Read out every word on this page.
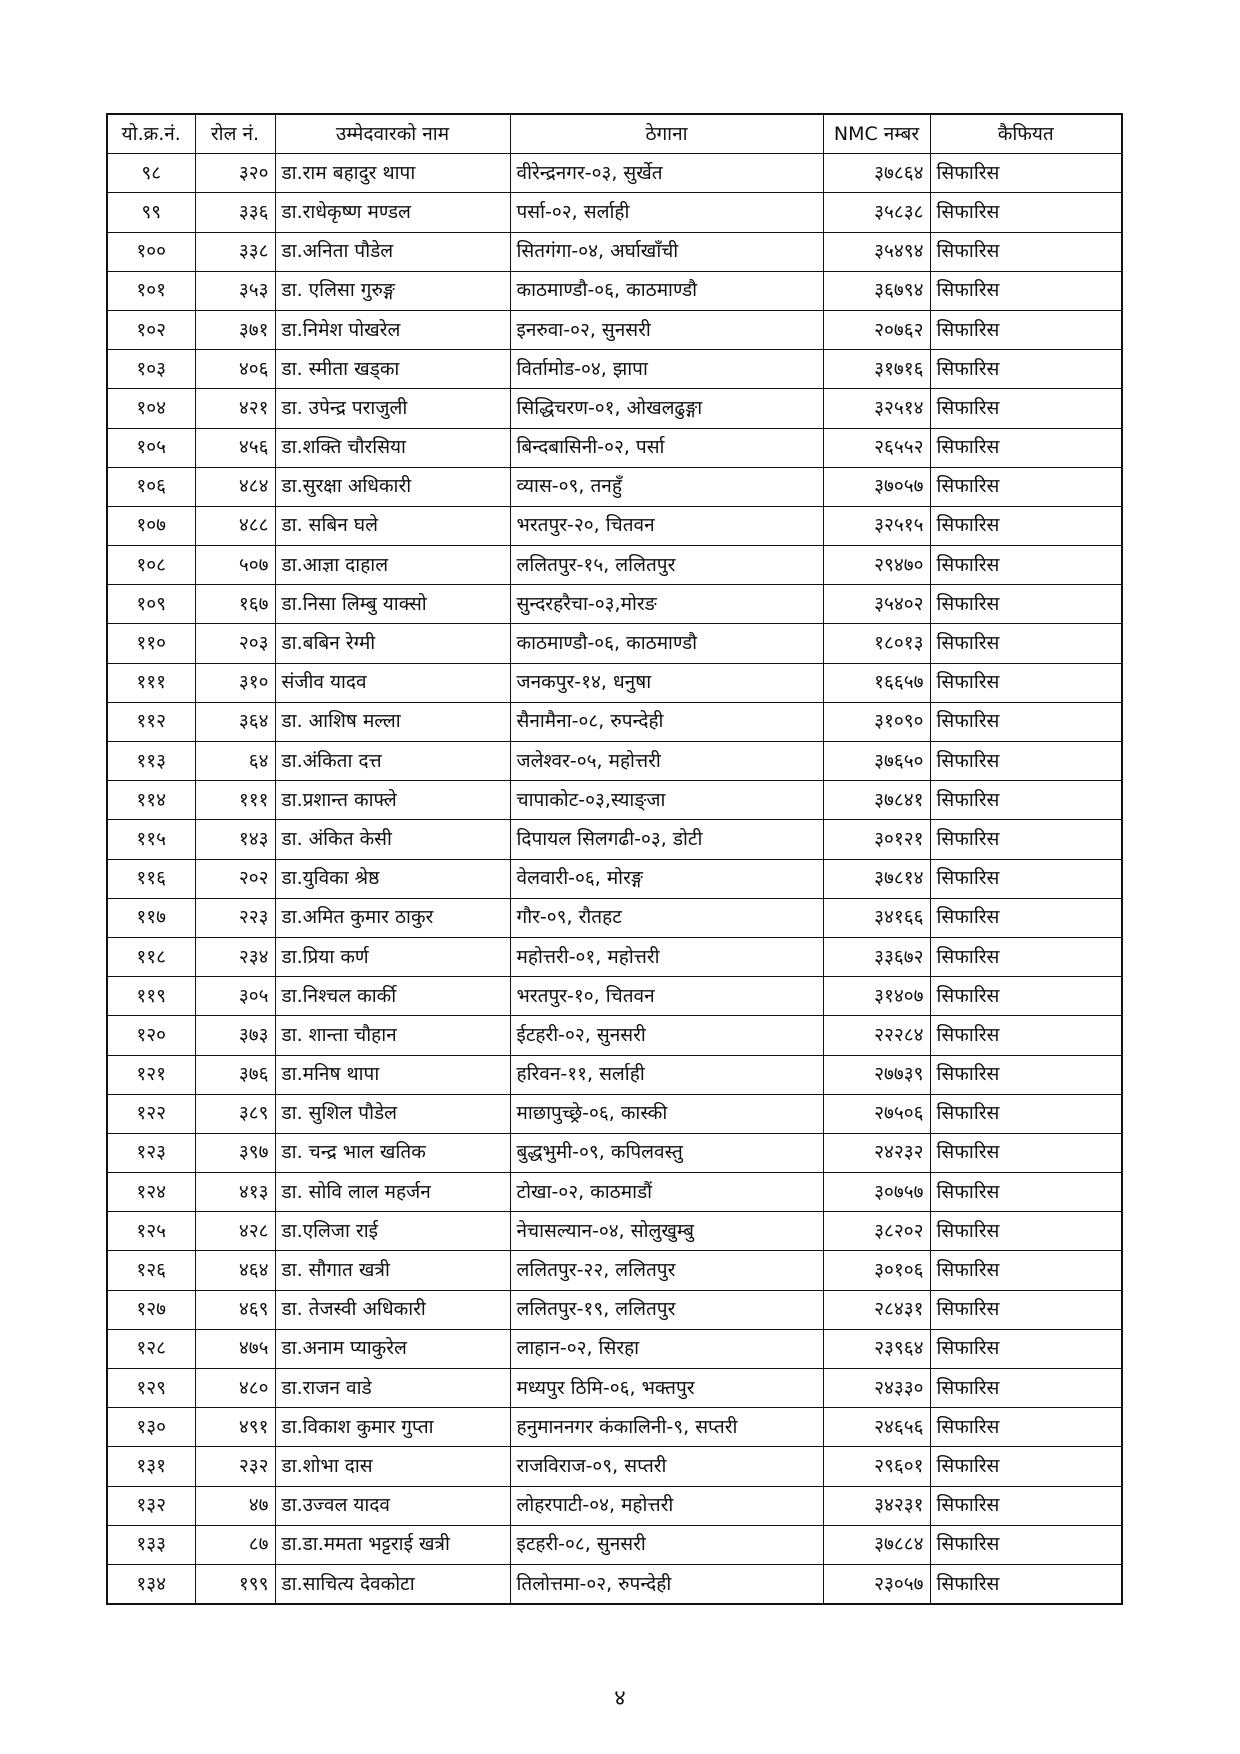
यो.क्र.नं.	रोल नं.	उम्मेदवारको नाम	ठेगाना	NMC नम्बर	कैफियत
९८	३२०	डा.राम बहादुर थापा	वीरेन्द्रनगर-०३, सुर्खेत	३७८६४	सिफारिस
९९	३३६	डा.राधेकृष्ण मण्डल	पर्सा-०२, सर्लाही	३५८३८	सिफारिस
१००	३३८	डा.अनिता पौडेल	सितगंगा-०४, अर्घाखाँची	३५४९४	सिफारिस
१०१	३५३	डा. एलिसा गुरुङ्ग	काठमाण्डौ-०६, काठमाण्डौ	३६७९४	सिफारिस
१०२	३७१	डा.निमेश पोखरेल	इनरुवा-०२, सुनसरी	२०७६२	सिफारिस
१०३	४०६	डा. स्मीता खड्का	विर्तामोड-०४, झापा	३१७१६	सिफारिस
१०४	४२१	डा. उपेन्द्र पराजुली	सिद्धिचरण-०१, ओखलढुङ्गा	३२५१४	सिफारिस
१०५	४५६	डा.शक्ति चौरसिया	बिन्दबासिनी-०२, पर्सा	२६५५२	सिफारिस
१०६	४८४	डा.सुरक्षा अधिकारी	व्यास-०९, तनहुँ	३७०५७	सिफारिस
१०७	४८८	डा. सबिन घले	भरतपुर-२०, चितवन	३२५१५	सिफारिस
१०८	५०७	डा.आज्ञा दाहाल	ललितपुर-१५, ललितपुर	२९४७०	सिफारिस
१०९	१६७	डा.निसा लिम्बु याक्सो	सुन्दरहरैचा-०३,मोरङ	३५४०२	सिफारिस
११०	२०३	डा.बबिन रेग्मी	काठमाण्डौ-०६, काठमाण्डौ	१८०१३	सिफारिस
१११	३१०	संजीव यादव	जनकपुर-१४, धनुषा	१६६५७	सिफारिस
११२	३६४	डा. आशिष मल्ला	सैनामैना-०८, रुपन्देही	३१०९०	सिफारिस
११३	६४	डा.अंकिता दत्त	जलेश्वर-०५, महोत्तरी	३७६५०	सिफारिस
११४	१११	डा.प्रशान्त काफ्ले	चापाकोट-०३,स्याङ्जा	३७८४१	सिफारिस
११५	१४३	डा. अंकित केसी	दिपायल सिलगढी-०३, डोटी	३०१२१	सिफारिस
११६	२०२	डा.युविका श्रेष्ठ	वेलवारी-०६, मोरङ्ग	३७८१४	सिफारिस
११७	२२३	डा.अमित कुमार ठाकुर	गौर-०९, रौतहट	३४१६६	सिफारिस
११८	२३४	डा.प्रिया कर्ण	महोत्तरी-०१, महोत्तरी	३३६७२	सिफारिस
११९	३०५	डा.निश्चल कार्की	भरतपुर-१०, चितवन	३१४०७	सिफारिस
१२०	३७३	डा. शान्ता चौहान	ईटहरी-०२, सुनसरी	२२२८४	सिफारिस
१२१	३७६	डा.मनिष थापा	हरिवन-११, सर्लाही	२७७३९	सिफारिस
१२२	३८९	डा. सुशिल पौडेल	माछापुच्छ्रे-०६, कास्की	२७५०६	सिफारिस
१२३	३९७	डा. चन्द्र भाल खतिक	बुद्धभुमी-०९, कपिलवस्तु	२४२३२	सिफारिस
१२४	४१३	डा. सोवि लाल महर्जन	टोखा-०२, काठमाडौं	३०७५७	सिफारिस
१२५	४२८	डा.एलिजा राई	नेचासल्यान-०४, सोलुखुम्बु	३८२०२	सिफारिस
१२६	४६४	डा. सौगात खत्री	ललितपुर-२२, ललितपुर	३०१०६	सिफारिस
१२७	४६९	डा. तेजस्वी अधिकारी	ललितपुर-१९, ललितपुर	२८४३१	सिफारिस
१२८	४७५	डा.अनाम प्याकुरेल	लाहान-०२, सिरहा	२३९६४	सिफारिस
१२९	४८०	डा.राजन वाडे	मध्यपुर ठिमि-०६, भक्तपुर	२४३३०	सिफारिस
१३०	४९१	डा.विकाश कुमार गुप्ता	हनुमाननगर कंकालिनी-९, सप्तरी	२४६५६	सिफारिस
१३१	२३२	डा.शोभा दास	राजविराज-०९, सप्तरी	२९६०१	सिफारिस
१३२	४७	डा.उज्वल यादव	लोहरपाटी-०४, महोत्तरी	३४२३१	सिफारिस
१३३	८७	डा.डा.ममता भट्टराई खत्री	इटहरी-०८, सुनसरी	३७८८४	सिफारिस
१३४	१९९	डा.साचित्य देवकोटा	तिलोत्तमा-०२, रुपन्देही	२३०५७	सिफारिस
४
